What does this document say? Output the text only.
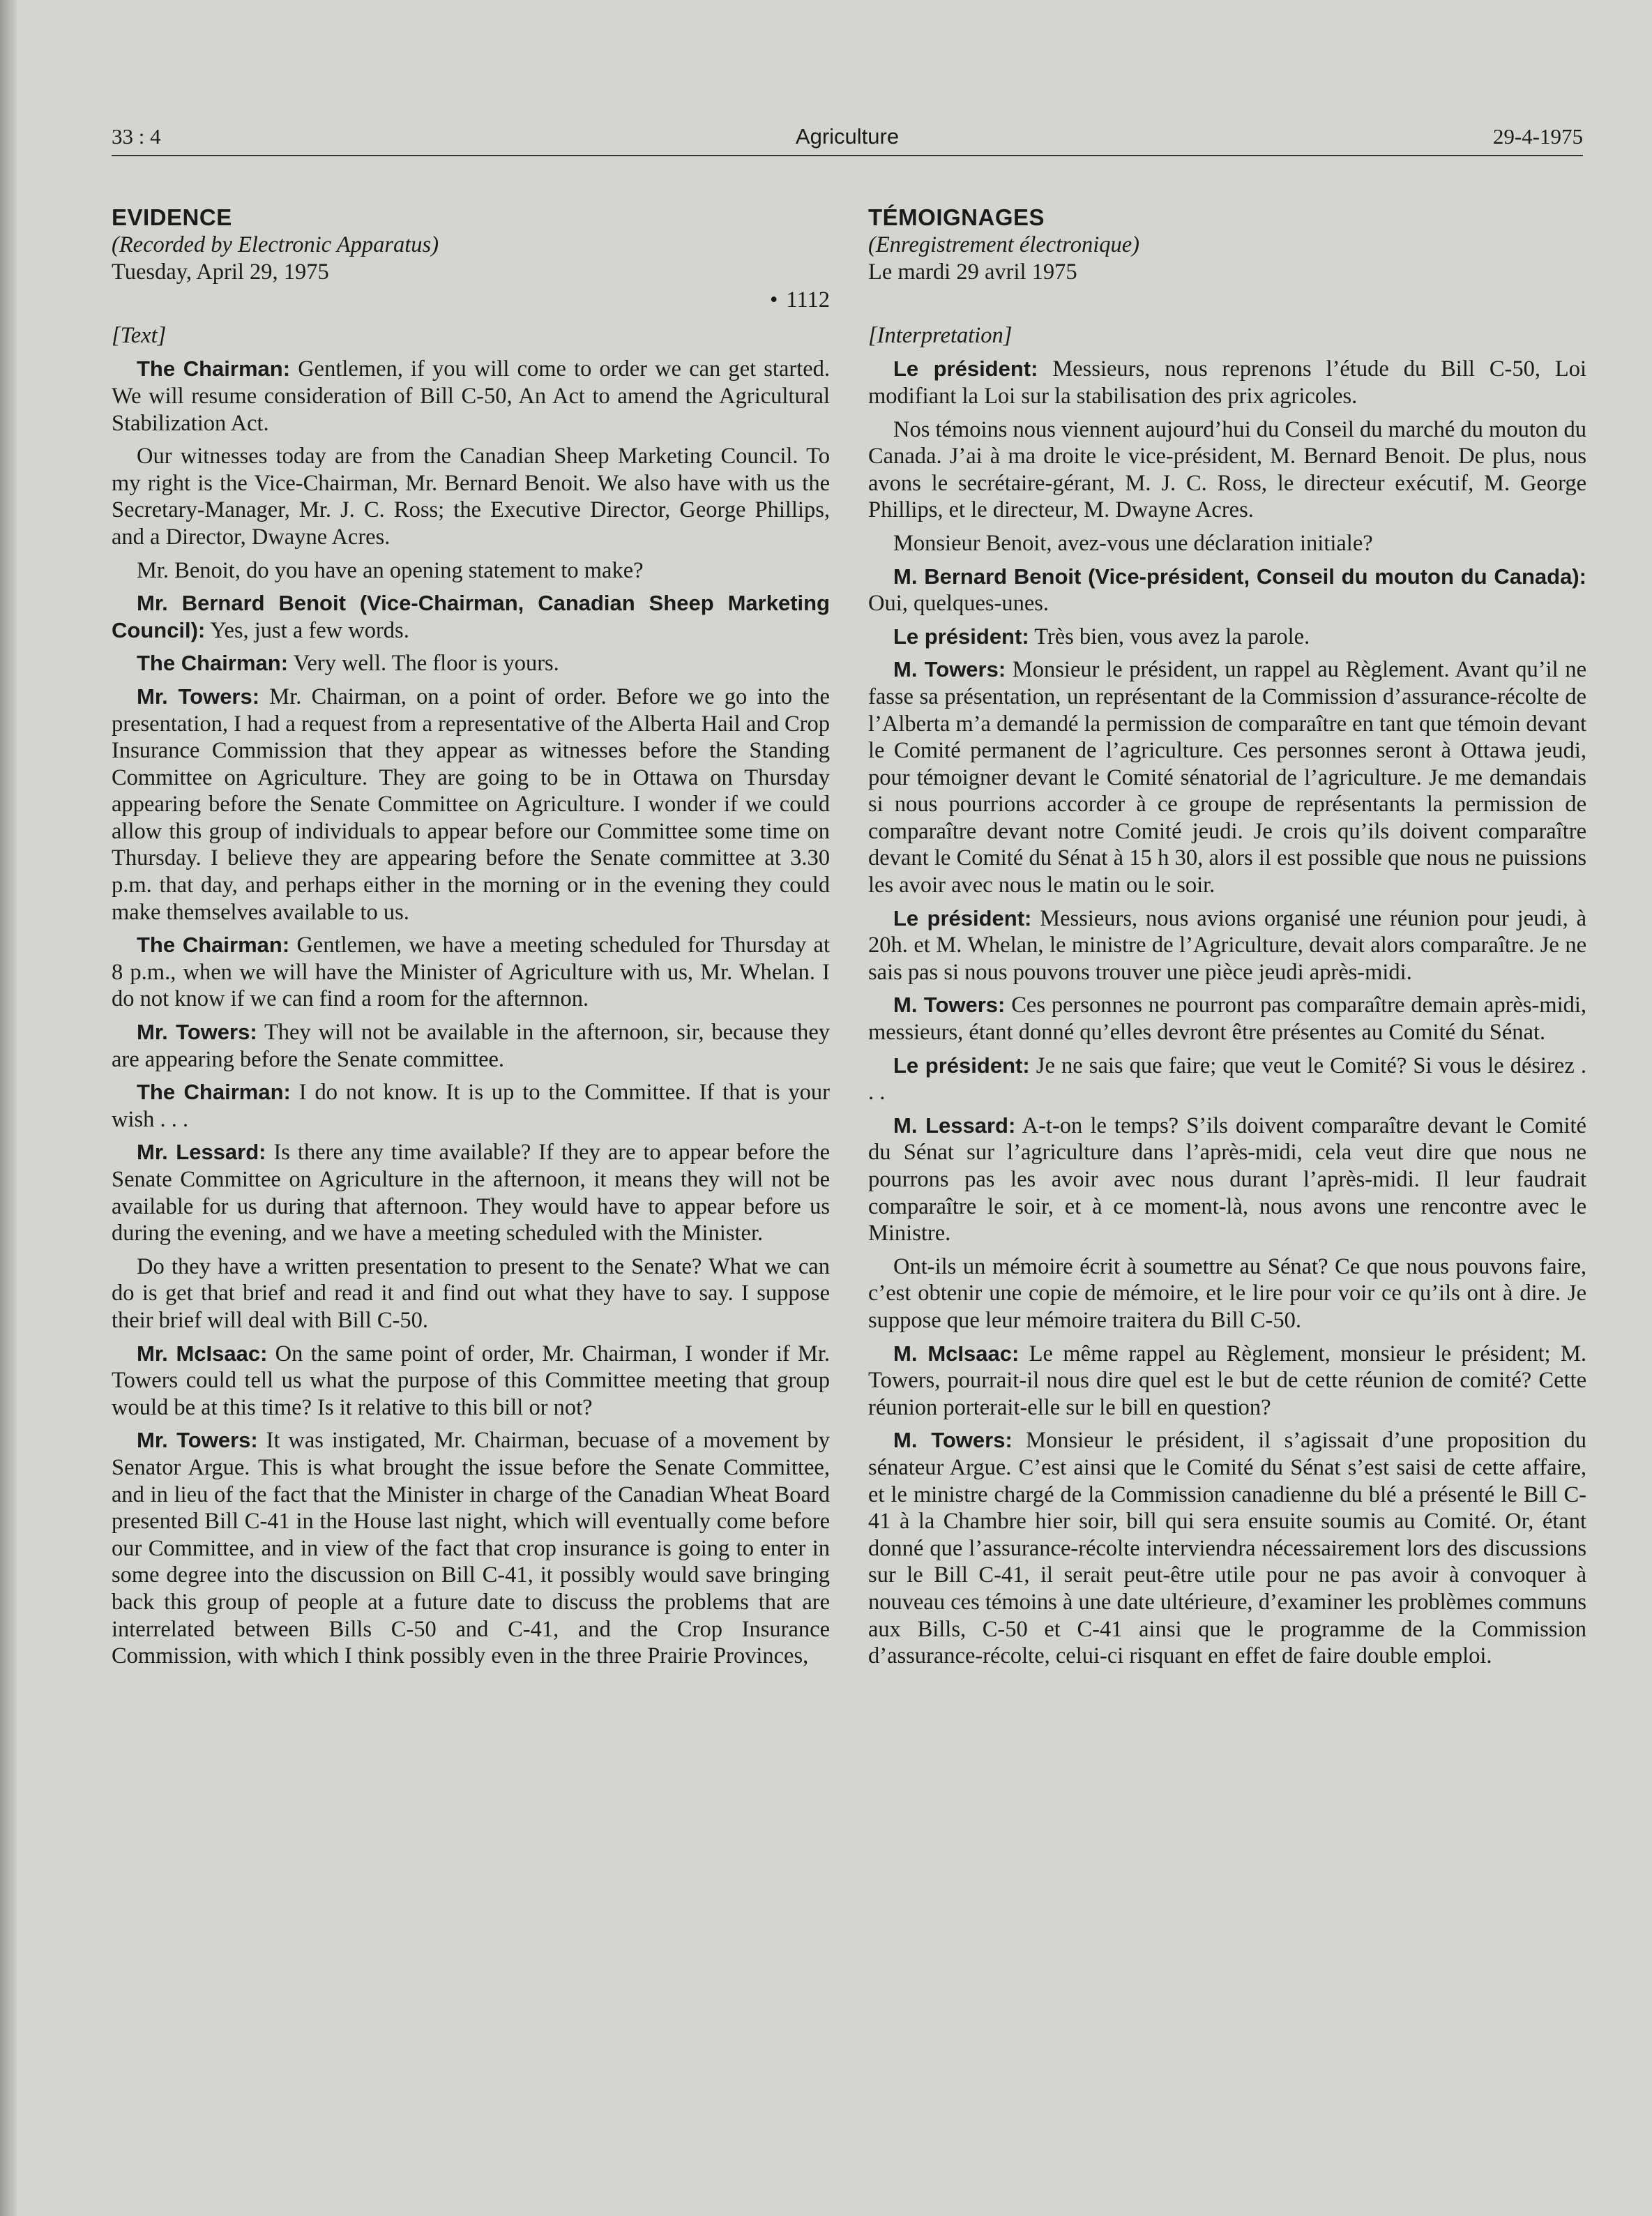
33 : 4	Agriculture	29-4-1975
EVIDENCE

(Recorded by Electronic Apparatus)

Tuesday, April 29, 1975

• 1112

[Text]

The Chairman: Gentlemen, if you will come to order we can get started. We will resume consideration of Bill C-50, An Act to amend the Agricultural Stabilization Act.

Our witnesses today are from the Canadian Sheep Marketing Council. To my right is the Vice-Chairman, Mr. Bernard Benoit. We also have with us the Secretary-Manager, Mr. J. C. Ross; the Executive Director, George Phillips, and a Director, Dwayne Acres.

Mr. Benoit, do you have an opening statement to make?

Mr. Bernard Benoit (Vice-Chairman, Canadian Sheep Marketing Council): Yes, just a few words.

The Chairman: Very well. The floor is yours.

Mr. Towers: Mr. Chairman, on a point of order. Before we go into the presentation, I had a request from a representative of the Alberta Hail and Crop Insurance Commission that they appear as witnesses before the Standing Committee on Agriculture. They are going to be in Ottawa on Thursday appearing before the Senate Committee on Agriculture. I wonder if we could allow this group of individuals to appear before our Committee some time on Thursday. I believe they are appearing before the Senate committee at 3.30 p.m. that day, and perhaps either in the morning or in the evening they could make themselves available to us.

The Chairman: Gentlemen, we have a meeting scheduled for Thursday at 8 p.m., when we will have the Minister of Agriculture with us, Mr. Whelan. I do not know if we can find a room for the afternnon.

Mr. Towers: They will not be available in the afternoon, sir, because they are appearing before the Senate committee.

The Chairman: I do not know. It is up to the Committee. If that is your wish . . .

Mr. Lessard: Is there any time available? If they are to appear before the Senate Committee on Agriculture in the afternoon, it means they will not be available for us during that afternoon. They would have to appear before us during the evening, and we have a meeting scheduled with the Minister.

Do they have a written presentation to present to the Senate? What we can do is get that brief and read it and find out what they have to say. I suppose their brief will deal with Bill C-50.

Mr. McIsaac: On the same point of order, Mr. Chairman, I wonder if Mr. Towers could tell us what the purpose of this Committee meeting that group would be at this time? Is it relative to this bill or not?

Mr. Towers: It was instigated, Mr. Chairman, becuase of a movement by Senator Argue. This is what brought the issue before the Senate Committee, and in lieu of the fact that the Minister in charge of the Canadian Wheat Board presented Bill C-41 in the House last night, which will eventually come before our Committee, and in view of the fact that crop insurance is going to enter in some degree into the discussion on Bill C-41, it possibly would save bringing back this group of people at a future date to discuss the problems that are interrelated between Bills C-50 and C-41, and the Crop Insurance Commission, with which I think possibly even in the three Prairie Provinces,

TÉMOIGNAGES

(Enregistrement électronique)

Le mardi 29 avril 1975

[Interpretation]

Le président: Messieurs, nous reprenons l’étude du Bill C-50, Loi modifiant la Loi sur la stabilisation des prix agricoles.

Nos témoins nous viennent aujourd’hui du Conseil du marché du mouton du Canada. J’ai à ma droite le vice-président, M. Bernard Benoit. De plus, nous avons le secrétaire-gérant, M. J. C. Ross, le directeur exécutif, M. George Phillips, et le directeur, M. Dwayne Acres.

Monsieur Benoit, avez-vous une déclaration initiale?

M. Bernard Benoit (Vice-président, Conseil du mouton du Canada): Oui, quelques-unes.

Le président: Très bien, vous avez la parole.

M. Towers: Monsieur le président, un rappel au Règlement. Avant qu’il ne fasse sa présentation, un représentant de la Commission d’assurance-récolte de l’Alberta m’a demandé la permission de comparaître en tant que témoin devant le Comité permanent de l’agriculture. Ces personnes seront à Ottawa jeudi, pour témoigner devant le Comité sénatorial de l’agriculture. Je me demandais si nous pourrions accorder à ce groupe de représentants la permission de comparaître devant notre Comité jeudi. Je crois qu’ils doivent comparaître devant le Comité du Sénat à 15 h 30, alors il est possible que nous ne puissions les avoir avec nous le matin ou le soir.

Le président: Messieurs, nous avions organisé une réunion pour jeudi, à 20h. et M. Whelan, le ministre de l’Agriculture, devait alors comparaître. Je ne sais pas si nous pouvons trouver une pièce jeudi après-midi.

M. Towers: Ces personnes ne pourront pas comparaître demain après-midi, messieurs, étant donné qu’elles devront être présentes au Comité du Sénat.

Le président: Je ne sais que faire; que veut le Comité? Si vous le désirez . . .

M. Lessard: A-t-on le temps? S’ils doivent comparaître devant le Comité du Sénat sur l’agriculture dans l’après-midi, cela veut dire que nous ne pourrons pas les avoir avec nous durant l’après-midi. Il leur faudrait comparaître le soir, et à ce moment-là, nous avons une rencontre avec le Ministre.

Ont-ils un mémoire écrit à soumettre au Sénat? Ce que nous pouvons faire, c’est obtenir une copie de mémoire, et le lire pour voir ce qu’ils ont à dire. Je suppose que leur mémoire traitera du Bill C-50.

M. McIsaac: Le même rappel au Règlement, monsieur le président; M. Towers, pourrait-il nous dire quel est le but de cette réunion de comité? Cette réunion porterait-elle sur le bill en question?

M. Towers: Monsieur le président, il s’agissait d’une proposition du sénateur Argue. C’est ainsi que le Comité du Sénat s’est saisi de cette affaire, et le ministre chargé de la Commission canadienne du blé a présenté le Bill C-41 à la Chambre hier soir, bill qui sera ensuite soumis au Comité. Or, étant donné que l’assurance-récolte interviendra nécessairement lors des discussions sur le Bill C-41, il serait peut-être utile pour ne pas avoir à convoquer à nouveau ces témoins à une date ultérieure, d’examiner les problèmes communs aux Bills, C-50 et C-41 ainsi que le programme de la Commission d’assurance-récolte, celui-ci risquant en effet de faire double emploi.
